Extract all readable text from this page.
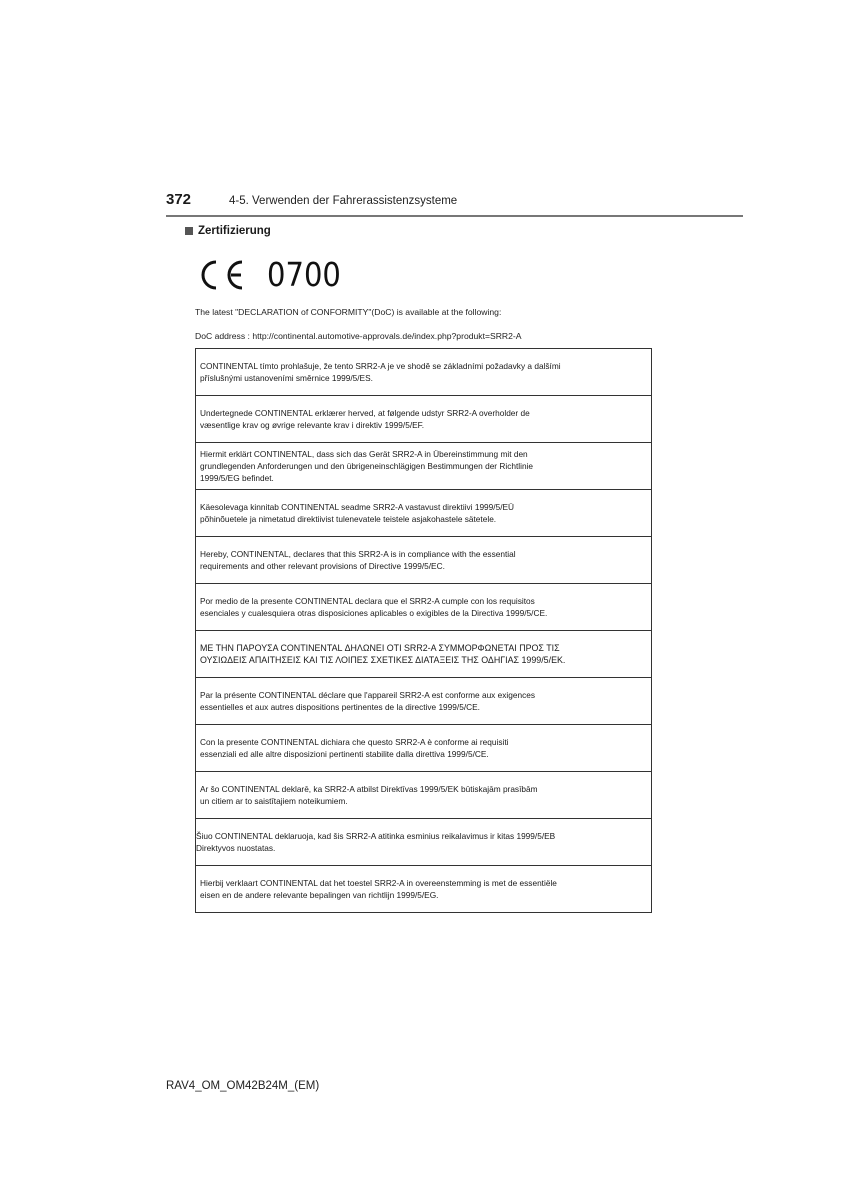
372	4-5. Verwenden der Fahrerassistenzsysteme
Zertifizierung
0700
The latest "DECLARATION of CONFORMITY"(DoC) is available at the following:
DoC address : http://continental.automotive-approvals.de/index.php?produkt=SRR2-A
CONTINENTAL tímto prohlašuje, že tento SRR2-A je ve shodě se základními požadavky a dalšími
příslušnými ustanoveními směrnice 1999/5/ES.
Undertegnede CONTINENTAL erklærer herved, at følgende udstyr SRR2-A overholder de
væsentlige krav og øvrige relevante krav i direktiv 1999/5/EF.
Hiermit erklärt CONTINENTAL, dass sich das Gerät SRR2-A in Übereinstimmung mit den
grundlegenden Anforderungen und den übrigeneinschlägigen Bestimmungen der Richtlinie
1999/5/EG befindet.
Käesolevaga kinnitab CONTINENTAL seadme SRR2-A vastavust direktiivi 1999/5/EÜ
põhinõuetele ja nimetatud direktiivist tulenevatele teistele asjakohastele sätetele.
Hereby, CONTINENTAL, declares that this SRR2-A is in compliance with the essential
requirements and other relevant provisions of Directive 1999/5/EC.
Por medio de la presente CONTINENTAL declara que el SRR2-A cumple con los requisitos
esenciales y cualesquiera otras disposiciones aplicables o exigibles de la Directiva 1999/5/CE.
ΜΕ ΤΗΝ ΠΑΡΟΥΣΑ CONTINENTAL ΔΗΛΩΝΕΙ ΟΤΙ SRR2-A ΣΥΜΜΟΡΦΩΝΕΤΑΙ ΠΡΟΣ ΤΙΣ
ΟΥΣΙΩΔΕΙΣ ΑΠΑΙΤΗΣΕΙΣ ΚΑΙ ΤΙΣ ΛΟΙΠΕΣ ΣΧΕΤΙΚΕΣ ΔΙΑΤΑΞΕΙΣ ΤΗΣ ΟΔΗΓΙΑΣ 1999/5/ΕΚ.
Par la présente CONTINENTAL déclare que l'appareil SRR2-A est conforme aux exigences
essentielles et aux autres dispositions pertinentes de la directive 1999/5/CE.
Con la presente CONTINENTAL dichiara che questo SRR2-A è conforme ai requisiti
essenziali ed alle altre disposizioni pertinenti stabilite dalla direttiva 1999/5/CE.
Ar šo CONTINENTAL deklarē, ka SRR2-A atbilst Direktīvas 1999/5/EK būtiskajām prasībām
un citiem ar to saistītajiem noteikumiem.
Šiuo CONTINENTAL deklaruoja, kad šis SRR2-A atitinka esminius reikalavimus ir kitas 1999/5/EB
Direktyvos nuostatas.
Hierbij verklaart CONTINENTAL dat het toestel SRR2-A in overeenstemming is met de essentiële
eisen en de andere relevante bepalingen van richtlijn 1999/5/EG.
RAV4_OM_OM42B24M_(EM)
